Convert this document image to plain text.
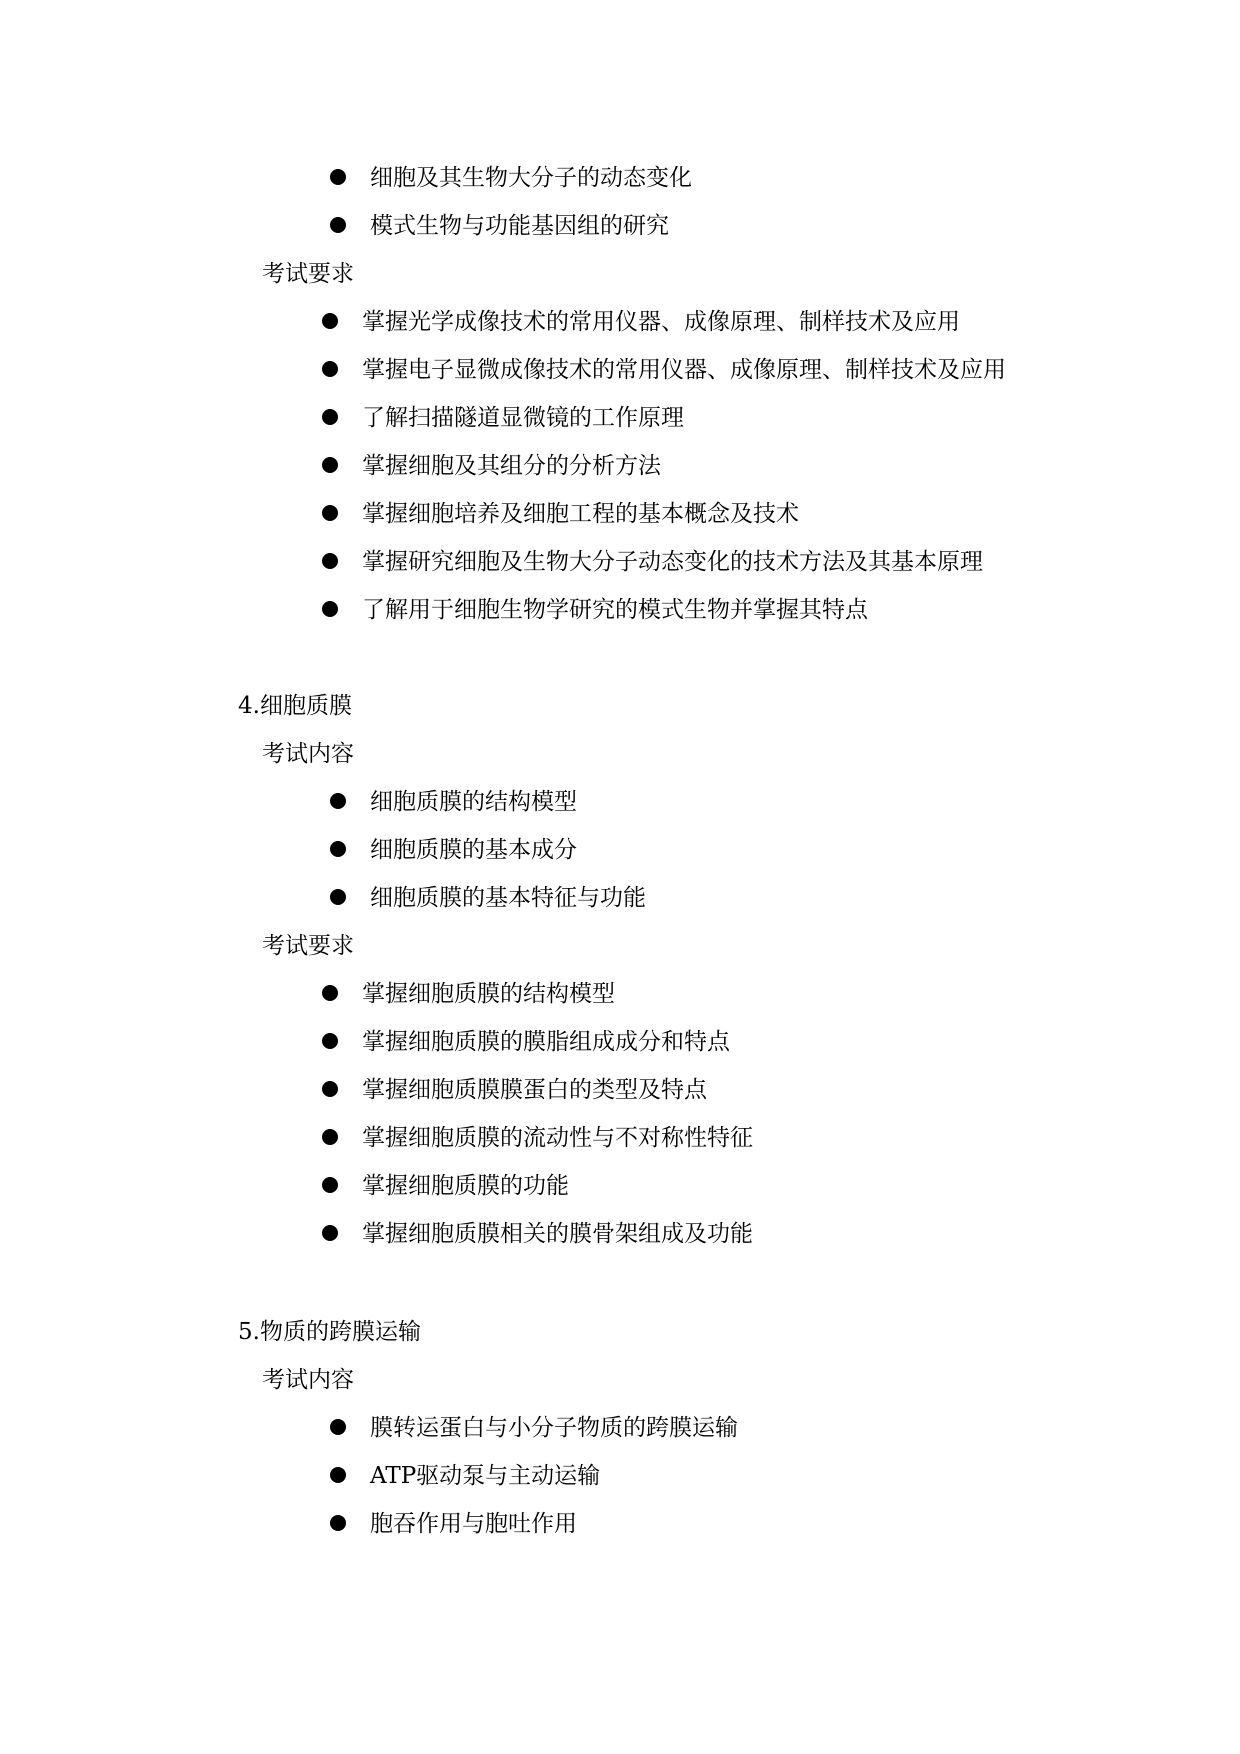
细胞及其生物大分子的动态变化
模式生物与功能基因组的研究
考试要求
掌握光学成像技术的常用仪器、成像原理、制样技术及应用
掌握电子显微成像技术的常用仪器、成像原理、制样技术及应用
了解扫描隧道显微镜的工作原理
掌握细胞及其组分的分析方法
掌握细胞培养及细胞工程的基本概念及技术
掌握研究细胞及生物大分子动态变化的技术方法及其基本原理
了解用于细胞生物学研究的模式生物并掌握其特点
4.细胞质膜
考试内容
细胞质膜的结构模型
细胞质膜的基本成分
细胞质膜的基本特征与功能
考试要求
掌握细胞质膜的结构模型
掌握细胞质膜的膜脂组成成分和特点
掌握细胞质膜膜蛋白的类型及特点
掌握细胞质膜的流动性与不对称性特征
掌握细胞质膜的功能
掌握细胞质膜相关的膜骨架组成及功能
5.物质的跨膜运输
考试内容
膜转运蛋白与小分子物质的跨膜运输
ATP驱动泵与主动运输
胞吞作用与胞吐作用
